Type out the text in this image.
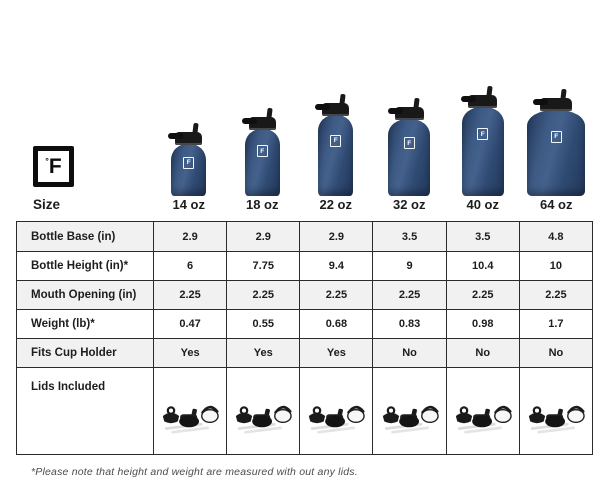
° F
Size
F
F
F	F
F	F
14 oz	18 oz	22 oz	32 oz	40 oz	64 oz
Bottle Base (in)	2.9	2.9	2.9	3.5	3.5	4.8
Bottle Height (in)*	6	7.75	9.4	9	10.4	10
Mouth Opening (in)	2.25	2.25	2.25	2.25	2.25	2.25
Weight (lb)*	0.47	0.55	0.68	0.83	0.98	1.7
Fits Cup Holder	Yes	Yes	Yes	No	No	No
Lids Included
*Please note that height and weight are measured with out any lids.
